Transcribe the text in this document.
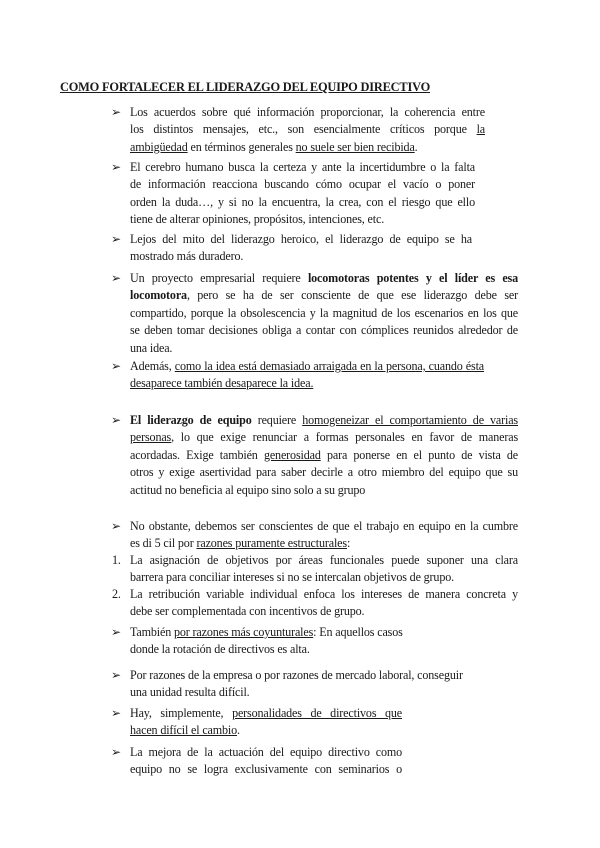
COMO FORTALECER EL LIDERAZGO DEL EQUIPO DIRECTIVO
➢ Los acuerdos sobre qué información proporcionar, la coherencia entre
los distintos mensajes, etc., son esencialmente críticos porque la
ambigüedad en términos generales no suele ser bien recibida.
➢ El cerebro humano busca la certeza y ante la incertidumbre o la falta
de información reacciona buscando cómo ocupar el vacío o poner
orden la duda…, y si no la encuentra, la crea, con el riesgo que ello
tiene de alterar opiniones, propósitos, intenciones, etc.
➢ Lejos del mito del liderazgo heroico, el liderazgo de equipo se ha
mostrado más duradero.
➢ Un proyecto empresarial requiere locomotoras potentes y el líder es esa
locomotora, pero se ha de ser consciente de que ese liderazgo debe ser
compartido, porque la obsolescencia y la magnitud de los escenarios en los que
se deben tomar decisiones obliga a contar con cómplices reunidos alrededor de
una idea.
➢ Además, como la idea está demasiado arraigada en la persona, cuando ésta
desaparece también desaparece la idea.
➢ El liderazgo de equipo requiere homogeneizar el comportamiento de varias
personas, lo que exige renunciar a formas personales en favor de maneras
acordadas. Exige también generosidad para ponerse en el punto de vista de
otros y exige asertividad para saber decirle a otro miembro del equipo que su
actitud no beneficia al equipo sino solo a su grupo
➢ No obstante, debemos ser conscientes de que el trabajo en equipo en la cumbre
es di 5 cil por razones puramente estructurales:
1. La asignación de objetivos por áreas funcionales puede suponer una clara
barrera para conciliar intereses si no se intercalan objetivos de grupo.
2. La retribución variable individual enfoca los intereses de manera concreta y
debe ser complementada con incentivos de grupo.
➢ También por razones más coyunturales: En aquellos casos
donde la rotación de directivos es alta.
➢ Por razones de la empresa o por razones de mercado laboral, conseguir
una unidad resulta difícil.
➢ Hay, simplemente, personalidades de directivos que
hacen difícil el cambio.
➢ La mejora de la actuación del equipo directivo como
equipo no se logra exclusivamente con seminarios o
